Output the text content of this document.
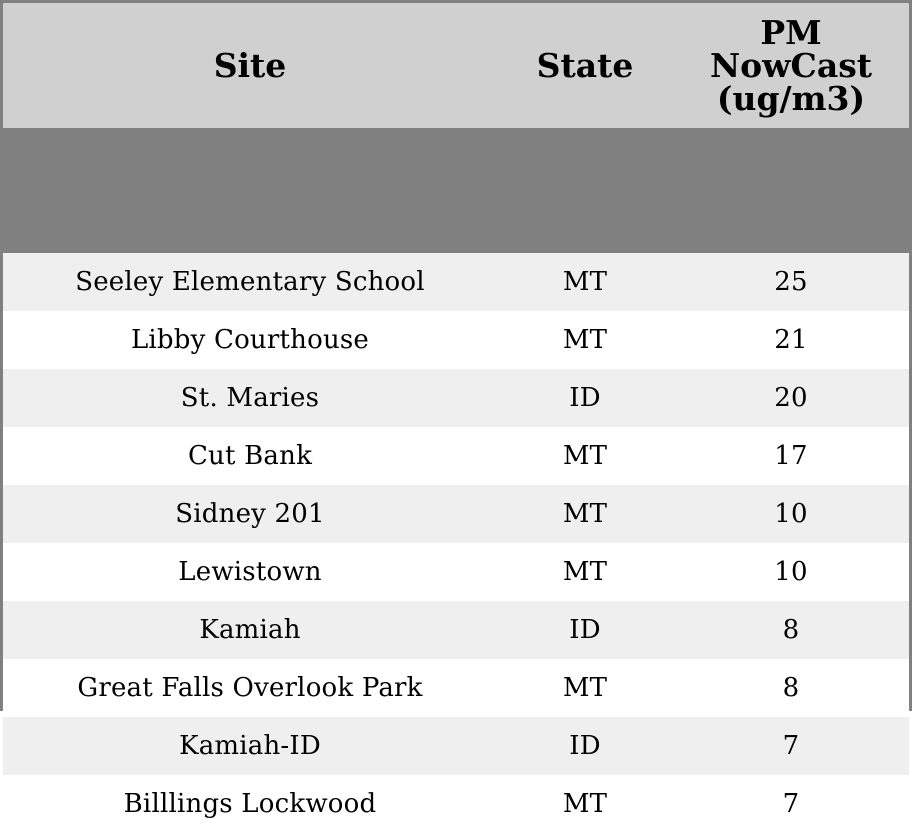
Site	State	PM
NowCast
(ug/m3)

Seeley Elementary School	MT	25
Libby Courthouse	MT	21
St. Maries	ID	20
Cut Bank	MT	17
Sidney 201	MT	10
Lewistown	MT	10
Kamiah	ID	8
Great Falls Overlook Park	MT	8
Kamiah-ID	ID	7
Billlings Lockwood	MT	7
